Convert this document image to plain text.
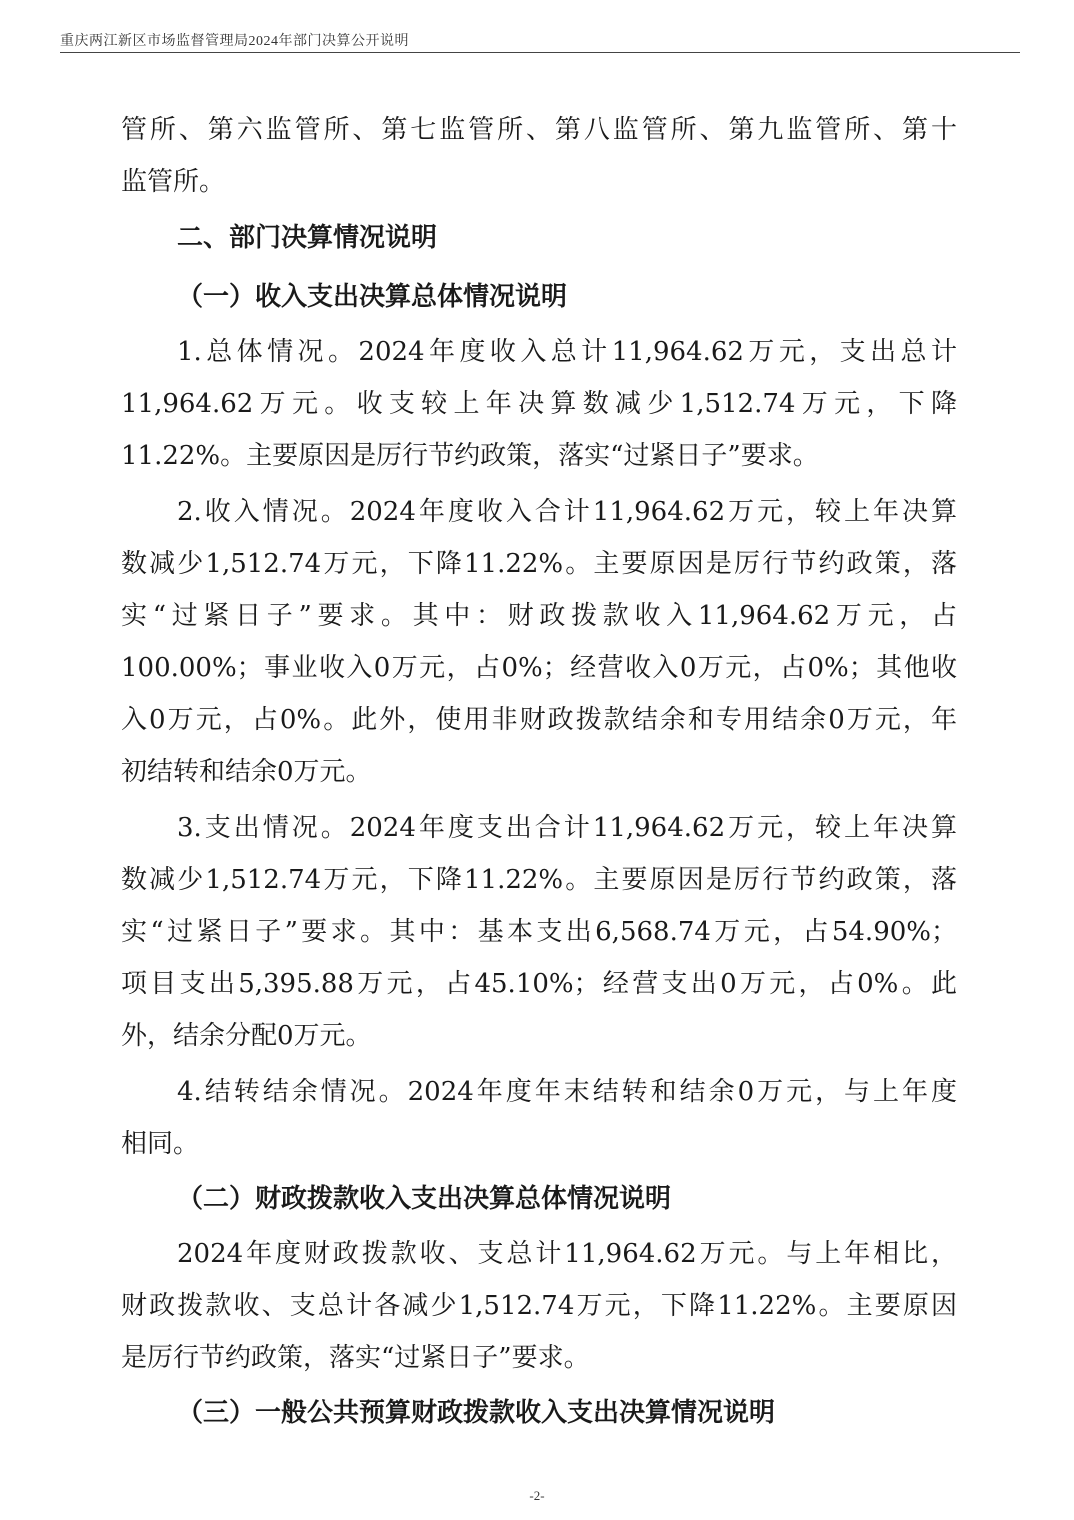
重庆两江新区市场监督管理局2024年部门决算公开说明
管所、第六监管所、第七监管所、第八监管所、第九监管所、第十
监管所。
二、部门决算情况说明
（一）收入支出决算总体情况说明
1.总体情况。2024年度收入总计11,964.62万元，支出总计
11,964.62万元。收支较上年决算数减少1,512.74万元，下降
11.22%。主要原因是厉行节约政策，落实“过紧日子”要求。
2.收入情况。2024年度收入合计11,964.62万元，较上年决算
数减少1,512.74万元，下降11.22%。主要原因是厉行节约政策，落
实“过紧日子”要求。其中：财政拨款收入11,964.62万元，占
100.00%；事业收入0万元，占0%；经营收入0万元，占0%；其他收
入0万元，占0%。此外，使用非财政拨款结余和专用结余0万元，年
初结转和结余0万元。
3.支出情况。2024年度支出合计11,964.62万元，较上年决算
数减少1,512.74万元，下降11.22%。主要原因是厉行节约政策，落
实“过紧日子”要求。其中：基本支出6,568.74万元，占54.90%；
项目支出5,395.88万元，占45.10%；经营支出0万元，占0%。此
外，结余分配0万元。
4.结转结余情况。2024年度年末结转和结余0万元，与上年度
相同。
（二）财政拨款收入支出决算总体情况说明
2024年度财政拨款收、支总计11,964.62万元。与上年相比，
财政拨款收、支总计各减少1,512.74万元，下降11.22%。主要原因
是厉行节约政策，落实“过紧日子”要求。
（三）一般公共预算财政拨款收入支出决算情况说明
-2-
